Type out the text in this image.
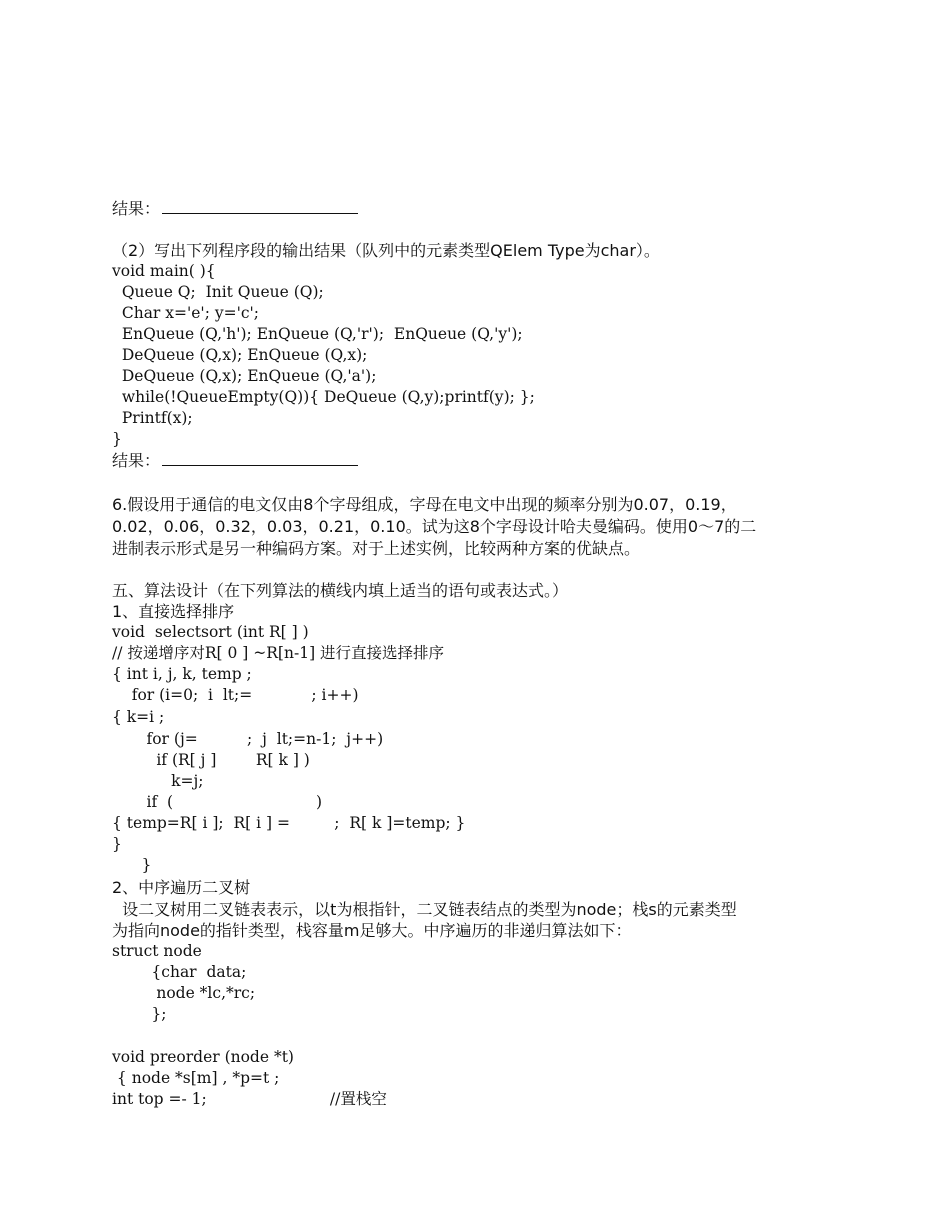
结果：
（2）写出下列程序段的输出结果（队列中的元素类型QElem Type为char）。
void main( ){
Queue Q;  Init Queue (Q);
Char x='e'; y='c';
EnQueue (Q,'h'); EnQueue (Q,'r');  EnQueue (Q,'y');
DeQueue (Q,x); EnQueue (Q,x);
DeQueue (Q,x); EnQueue (Q,'a');
while(!QueueEmpty(Q)){ DeQueue (Q,y);printf(y); };
Printf(x);
}
结果：
6.假设用于通信的电文仅由8个字母组成，字母在电文中出现的频率分别为0.07，0.19，
0.02，0.06，0.32，0.03，0.21，0.10。试为这8个字母设计哈夫曼编码。使用0～7的二
进制表示形式是另一种编码方案。对于上述实例，比较两种方案的优缺点。
五、算法设计（在下列算法的横线内填上适当的语句或表达式。）
1、直接选择排序
void  selectsort (int R[ ] )
// 按递增序对R[ 0 ] ~R[n-1] 进行直接选择排序
{ int i, j, k, temp ;
for (i=0;  i  lt;=            ; i++)
{ k=i ;
for (j=          ;  j  lt;=n-1;  j++)
if (R[ j ]        R[ k ] )
k=j;
if  (                             )
{ temp=R[ i ];  R[ i ] =         ;  R[ k ]=temp; }
}
}
2、中序遍历二叉树
设二叉树用二叉链表表示，以t为根指针，二叉链表结点的类型为node；栈s的元素类型
为指向node的指针类型，栈容量m足够大。中序遍历的非递归算法如下：
struct node
{char  data;
node *lc,*rc;
};
void preorder (node *t)
{ node *s[m] , *p=t ;
int top =- 1;                         //置栈空
